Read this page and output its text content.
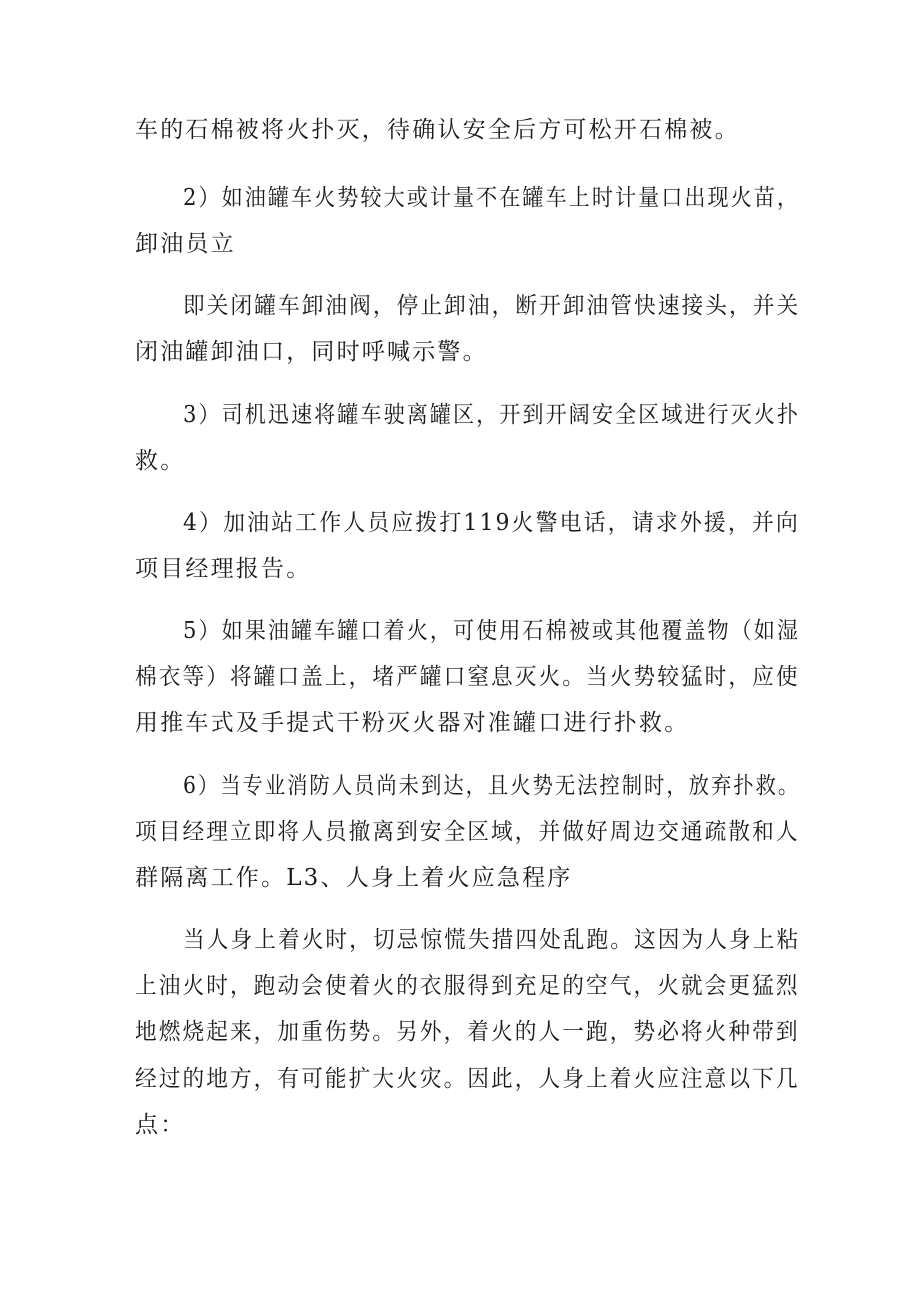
车的石棉被将火扑灭，待确认安全后方可松开石棉被。
2）如油罐车火势较大或计量不在罐车上时计量口出现火苗，
卸油员立
即关闭罐车卸油阀，停止卸油，断开卸油管快速接头，并关
闭油罐卸油口，同时呼喊示警。
3）司机迅速将罐车驶离罐区，开到开阔安全区域进行灭火扑
救。
4）加油站工作人员应拨打119火警电话，请求外援，并向
项目经理报告。
5）如果油罐车罐口着火，可使用石棉被或其他覆盖物（如湿
棉衣等）将罐口盖上，堵严罐口窒息灭火。当火势较猛时，应使
用推车式及手提式干粉灭火器对准罐口进行扑救。
6）当专业消防人员尚未到达，且火势无法控制时，放弃扑救。
项目经理立即将人员撤离到安全区域，并做好周边交通疏散和人
群隔离工作。L3、人身上着火应急程序
当人身上着火时，切忌惊慌失措四处乱跑。这因为人身上粘
上油火时，跑动会使着火的衣服得到充足的空气，火就会更猛烈
地燃烧起来，加重伤势。另外，着火的人一跑，势必将火种带到
经过的地方，有可能扩大火灾。因此，人身上着火应注意以下几
点：
